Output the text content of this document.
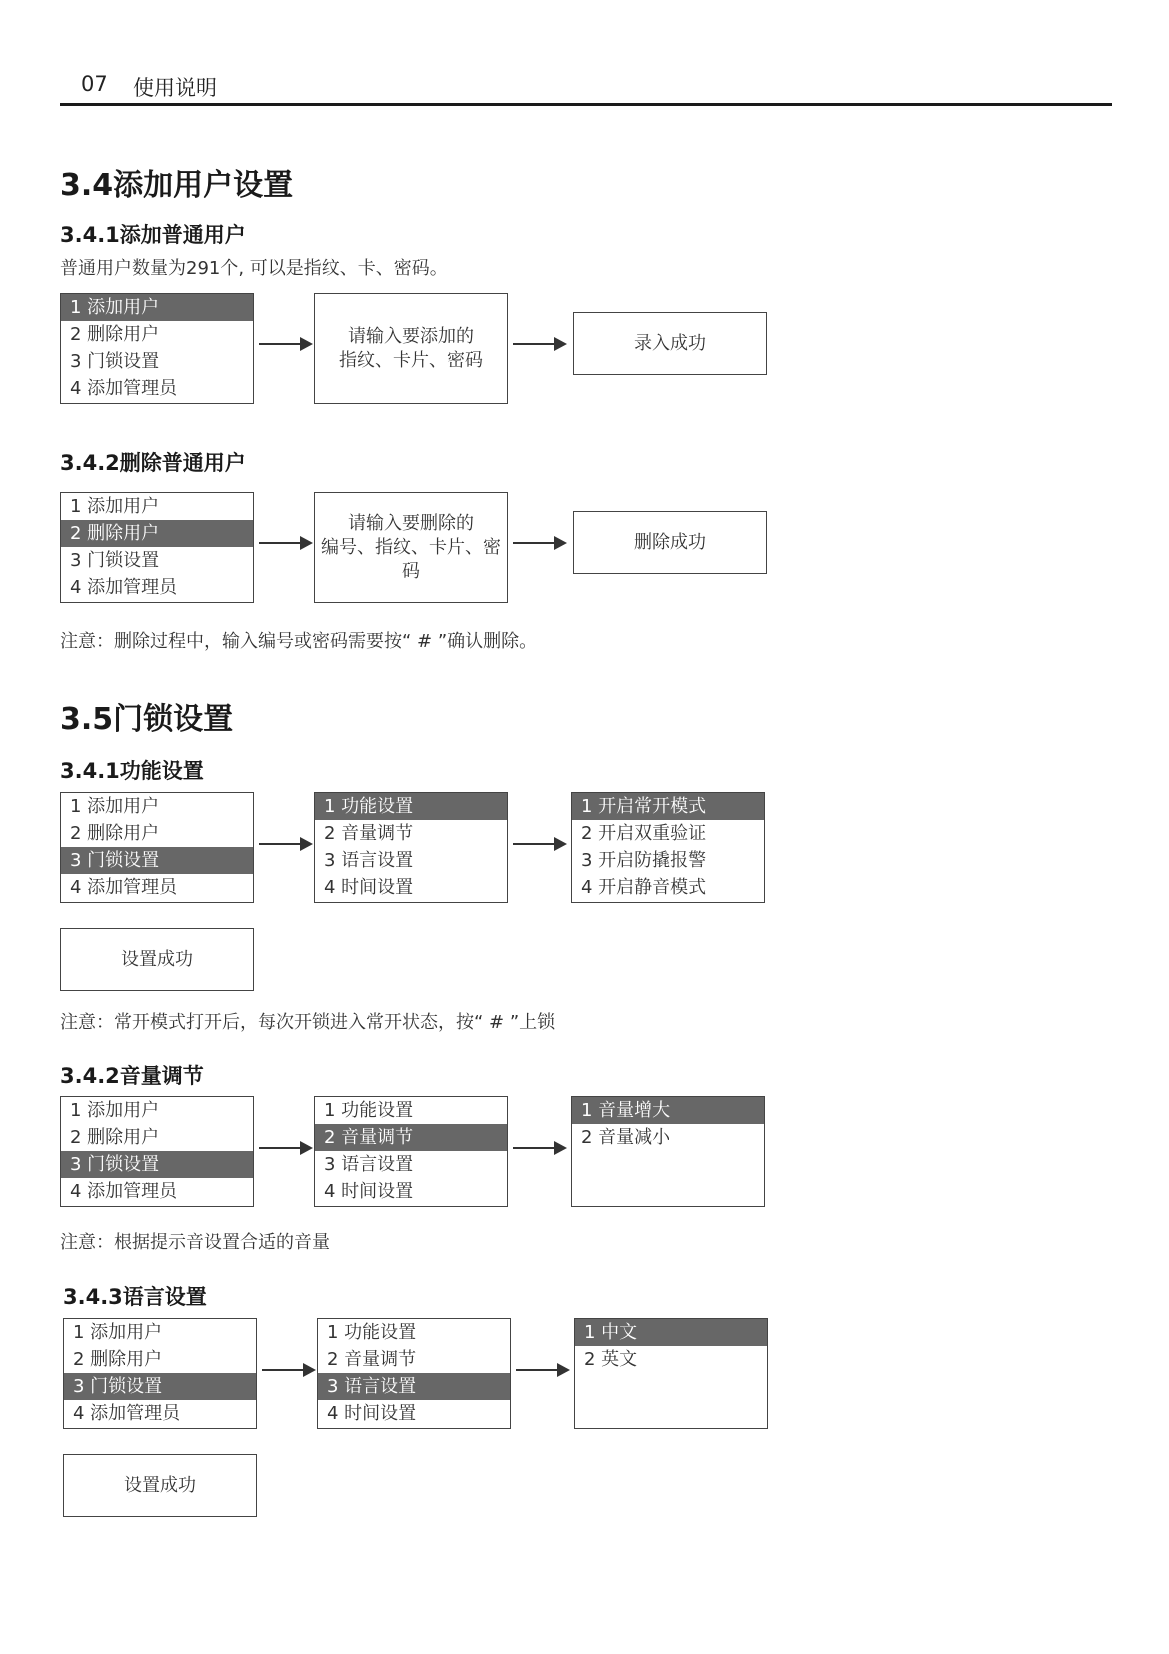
07 使用说明
3.4添加用户设置
3.4.1添加普通用户
普通用户数量为291个, 可以是指纹、卡、密码。
1 添加用户
2 删除用户
3 门锁设置
4 添加管理员
请输入要添加的
指纹、卡片、密码
录入成功
3.4.2删除普通用户
1 添加用户
2 删除用户
3 门锁设置
4 添加管理员
请输入要删除的
编号、指纹、卡片、密码
删除成功
注意：删除过程中，输入编号或密码需要按“ # ”确认删除。
3.5门锁设置
3.4.1功能设置
1 添加用户
2 删除用户
3 门锁设置
4 添加管理员
1 功能设置
2 音量调节
3 语言设置
4 时间设置
1 开启常开模式
2 开启双重验证
3 开启防撬报警
4 开启静音模式
设置成功
注意：常开模式打开后，每次开锁进入常开状态，按“ # ”上锁
3.4.2音量调节
1 添加用户
2 删除用户
3 门锁设置
4 添加管理员
1 功能设置
2 音量调节
3 语言设置
4 时间设置
1 音量增大
2 音量减小
注意：根据提示音设置合适的音量
3.4.3语言设置
1 添加用户
2 删除用户
3 门锁设置
4 添加管理员
1 功能设置
2 音量调节
3 语言设置
4 时间设置
1 中文
2 英文
设置成功
